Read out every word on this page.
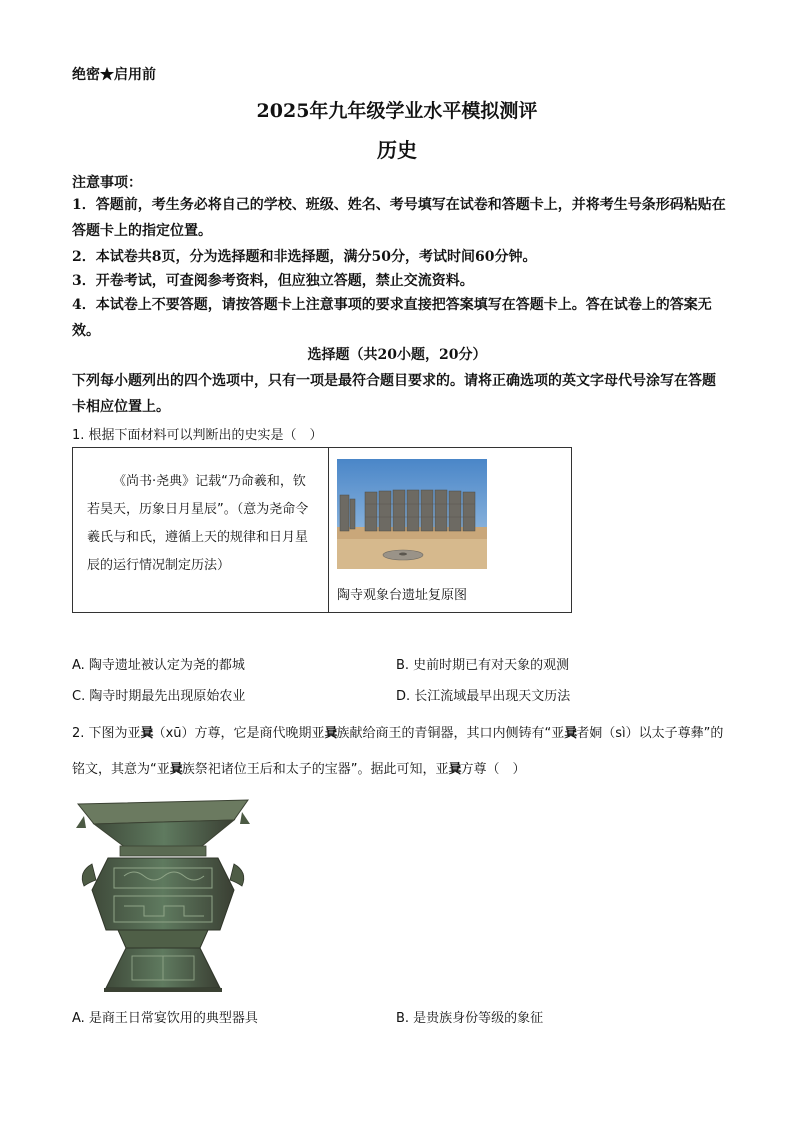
绝密★启用前
2025年九年级学业水平模拟测评
历史
注意事项：
1．答题前，考生务必将自己的学校、班级、姓名、考号填写在试卷和答题卡上，并将考生号条形码粘贴在答题卡上的指定位置。
2．本试卷共8页，分为选择题和非选择题，满分50分，考试时间60分钟。
3．开卷考试，可查阅参考资料，但应独立答题，禁止交流资料。
4．本试卷上不要答题，请按答题卡上注意事项的要求直接把答案填写在答题卡上。答在试卷上的答案无效。
选择题（共20小题，20分）
下列每小题列出的四个选项中，只有一项是最符合题目要求的。请将正确选项的英文字母代号涂写在答题卡相应位置上。
1. 根据下面材料可以判断出的史实是（　）
《尚书·尧典》记载“乃命羲和，钦若昊天，历象日月星辰”。（意为尧命令羲氏与和氏，遵循上天的规律和日月星辰的运行情况制定历法）
陶寺观象台遗址复原图
A. 陶寺遗址被认定为尧的都城	B. 史前时期已有对天象的观测
C. 陶寺时期最先出现原始农业	D. 长江流域最早出现天文历法
2. 下图为亚㠱（xū）方尊，它是商代晚期亚㠱族献给商王的青铜器，其口内侧铸有“亚㠱者姛（sì）以太子尊彝”的铭文，其意为“亚㠱族祭祀诸位王后和太子的宝器”。据此可知，亚㠱方尊（　）
A. 是商王日常宴饮用的典型器具	B. 是贵族身份等级的象征
